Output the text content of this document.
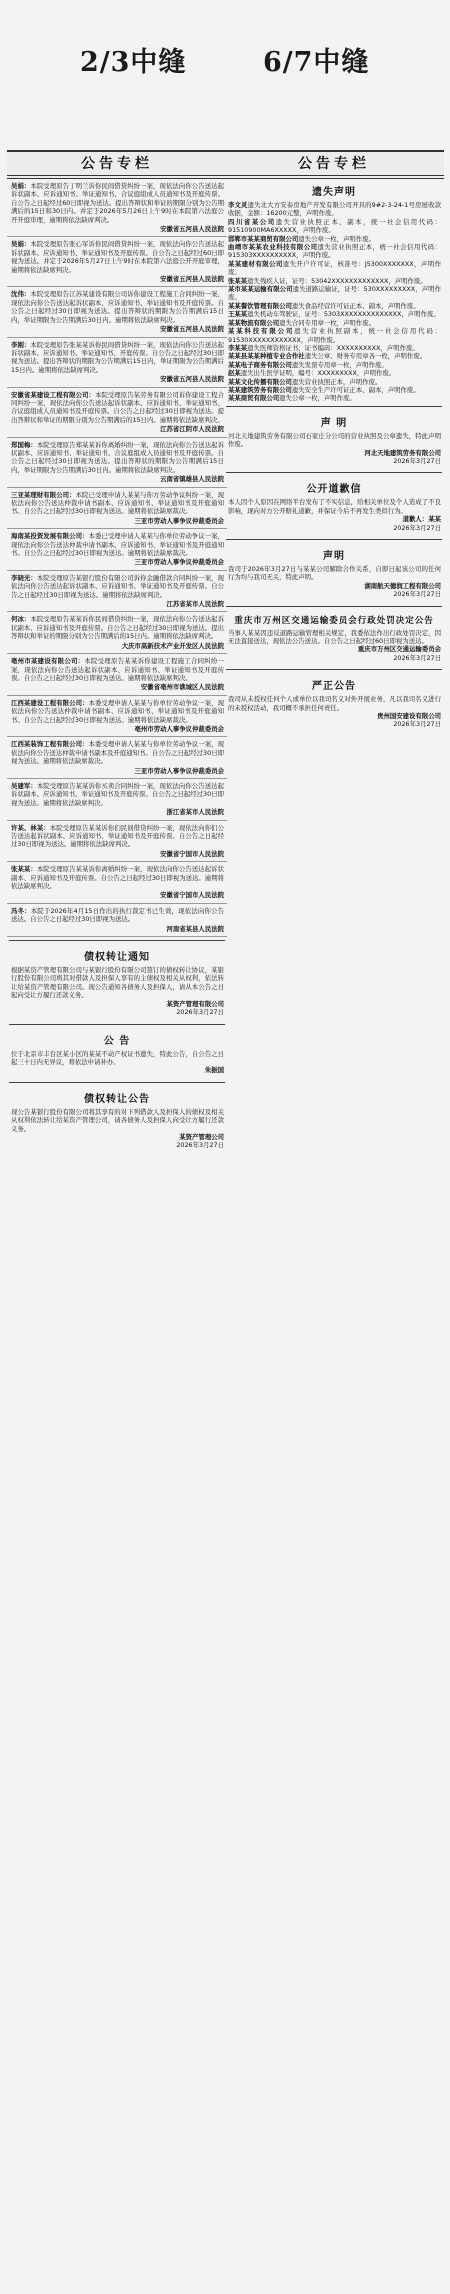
2/3中缝	6/7中缝
公告专栏
吴娟：本院受理原告丁明兰诉你民间借贷纠纷一案，现依法向你公告送达起诉状副本、应诉通知书、举证通知书、合议庭组成人员通知书及开庭传票。自公告之日起经过60日即视为送达。提出答辩状和举证的期限分别为公告期满后的15日和30日内。并定于2026年5月26日上午9时在本院第六法庭公开开庭审理，逾期将依法缺席判决。
安徽省五河县人民法院
吴娟：本院受理原告张心军诉你民间借贷纠纷一案，现依法向你公告送达起诉状副本、应诉通知书、举证通知书及开庭传票。自公告之日起经过60日即视为送达。并定于2026年5月27日上午9时在本院第六法庭公开开庭审理，逾期将依法缺席判决。
安徽省五河县人民法院
沈伟：本院受理原告江苏某建设有限公司诉你建设工程施工合同纠纷一案，现依法向你公告送达起诉状副本、应诉通知书、举证通知书及开庭传票。自公告之日起经过30日即视为送达。提出答辩状的期限为公告期满后15日内，举证期限为公告期满后30日内。逾期将依法缺席判决。
安徽省五河县人民法院
李刚：本院受理原告张某某诉你民间借贷纠纷一案，现依法向你公告送达起诉状副本、应诉通知书、举证通知书、开庭传票。自公告之日起经过30日即视为送达。提出答辩状的期限为公告期满后15日内，举证期限为公告期满后15日内。逾期将依法缺席判决。
安徽省五河县人民法院
安徽省某建设工程有限公司：本院受理原告某劳务有限公司诉你建设工程合同纠纷一案，现依法向你公告送达起诉状副本、应诉通知书、举证通知书、合议庭组成人员通知书及开庭传票。自公告之日起经过30日即视为送达。提出答辩状和举证的期限分别为公告期满后的15日内。逾期将依法缺席判决。
江苏省江阴市人民法院
郑国梅：本院受理原告郑某某诉你离婚纠纷一案，现依法向你公告送达起诉状副本、应诉通知书、举证通知书、合议庭组成人员通知书及开庭传票。自公告之日起经过30日即视为送达。提出答辩状的期限为公告期满后15日内，举证期限为公告期满后30日内。逾期将依法缺席判决。
云南省镇雄县人民法院
三亚某理财有限公司：本院已受理申请人某某与你方劳动争议纠纷一案，现依法向你公告送达仲裁申请书副本、应诉通知书、举证通知书及开庭通知书。自公告之日起经过30日即视为送达。逾期将依法缺席裁决。
三亚市劳动人事争议仲裁委员会
海南某投资发展有限公司：本委已受理申请人某某与你单位劳动争议一案，现依法向你公告送达仲裁申请书副本、应诉通知书、举证通知书及开庭通知书。自公告之日起经过30日即视为送达。逾期将依法缺席裁决。
三亚市劳动人事争议仲裁委员会
李晓光：本院受理原告某银行股份有限公司诉你金融借款合同纠纷一案，现依法向你公告送达起诉状副本、应诉通知书、举证通知书及开庭传票。自公告之日起经过30日即视为送达。逾期将依法缺席判决。
江苏省某市人民法院
何冰：本院受理原告某某诉你民间借贷纠纷一案，现依法向你公告送达起诉状副本、应诉通知书及开庭传票。自公告之日起经过30日即视为送达。提出答辩状和举证的期限分别为公告期满后的15日内。逾期将依法缺席判决。
大庆市高新技术产业开发区人民法院
亳州市某建设有限公司：本院受理原告某某诉你建设工程施工合同纠纷一案，现依法向你公告送达起诉状副本、应诉通知书、举证通知书及开庭传票。自公告之日起经过30日即视为送达。逾期将依法缺席判决。
安徽省亳州市谯城区人民法院
江西某建设工程有限公司：本委受理申请人某某与你单位劳动争议一案，现依法向你公告送达仲裁申请书副本、应诉通知书、举证通知书及开庭通知书。自公告之日起经过30日即视为送达。逾期将依法缺席裁决。
亳州市劳动人事争议仲裁委员会
江西某装饰工程有限公司：本委受理申请人某某与你单位劳动争议一案，现依法向你公告送达仲裁申请书副本及开庭通知书。自公告之日起经过30日即视为送达。逾期将依法缺席裁决。
三亚市劳动人事争议仲裁委员会
吴建军：本院受理原告某某诉你买卖合同纠纷一案，现依法向你公告送达起诉状副本、应诉通知书、举证通知书及开庭传票。自公告之日起经过30日即视为送达。逾期将依法缺席判决。
浙江省某市人民法院
许某、林某：本院受理原告某某诉你们民间借贷纠纷一案，现依法向你们公告送达起诉状副本、应诉通知书、举证通知书及开庭传票。自公告之日起经过30日即视为送达。逾期将依法缺席判决。
安徽省宁国市人民法院
张某某：本院受理原告某某诉你离婚纠纷一案，现依法向你公告送达起诉状副本、应诉通知书及开庭传票。自公告之日起经过30日即视为送达。逾期将依法缺席判决。
安徽省宁国市人民法院
冯冬：本院于2026年4月15日作出的执行裁定书已生效，现依法向你公告送达。自公告之日起经过30日即视为送达。
河南省某县人民法院
债权转让通知
根据某资产管理有限公司与某银行股份有限公司签订的债权转让协议，某银行股份有限公司将其对借款人及担保人享有的主债权及相关从权利，依法转让给某资产管理有限公司。现公告通知各债务人及担保人，请从本公告之日起向受让方履行还款义务。
某资产管理有限公司
2026年3月27日
公 告
位于北京市丰台区某小区的某某不动产权证书遗失，特此公告，自公告之日起三十日内无异议，将依法申请补办。
朱振国
债权转让公告
现公告某银行股份有限公司将其享有的对下列借款人及担保人的债权及相关从权利依法转让给某资产管理公司，请各债务人及担保人向受让方履行还款义务。
某资产管理公司
2026年3月27日
公告专栏
遗失声明
李文灵遗失北大方安泰房地产开发有限公司开具的9#2-3-24-1号房屋收款收据，金额：16200元整，声明作废。
四川省某公司遗失营业执照正本、副本，统一社会信用代码：91510900MA6XXXXX，声明作废。
邯郸市某某商贸有限公司遗失公章一枚，声明作废。
曲靖市某某农业科技有限公司遗失营业执照正本，统一社会信用代码：915303XXXXXXXXXX，声明作废。
某某建材有限公司遗失开户许可证，核准号：J5300XXXXXXX，声明作废。
张某某遗失残疾人证，证号：53042XXXXXXXXXXXXX，声明作废。
某市某某运输有限公司遗失道路运输证，证号：530XXXXXXXXX，声明作废。
某某餐饮管理有限公司遗失食品经营许可证正本、副本，声明作废。
王某某遗失机动车驾驶证，证号：5303XXXXXXXXXXXXXX，声明作废。
某某物流有限公司遗失合同专用章一枚，声明作废。
某某科技有限公司遗失营业执照副本，统一社会信用代码：91530XXXXXXXXXXXX，声明作废。
李某某遗失医师资格证书，证书编码：XXXXXXXXXX，声明作废。
某某县某某种植专业合作社遗失公章、财务专用章各一枚，声明作废。
某某电子商务有限公司遗失发票专用章一枚，声明作废。
赵某遗失出生医学证明，编号：XXXXXXXXX，声明作废。
某某文化传播有限公司遗失营业执照正本，声明作废。
某某建筑劳务有限公司遗失安全生产许可证正本、副本，声明作废。
某某商贸有限公司遗失公章一枚，声明作废。
声 明
河北天地建筑劳务有限公司石家庄分公司的营业执照及公章遗失，特此声明作废。
河北天地建筑劳务有限公司
2026年3月27日
公开道歉信
本人因个人原因在网络平台发布了不实信息，给相关单位及个人造成了不良影响，现向对方公开赔礼道歉，并保证今后不再发生类似行为。
道歉人：某某
2026年3月27日
声明
我司于2026年3月27日与某某公司解除合作关系，自即日起该公司的任何行为均与我司无关，特此声明。
湖南航天德润工程有限公司
2026年3月27日
重庆市万州区交通运输委员会行政处罚决定公告
当事人某某因违反道路运输管理相关规定，我委依法作出行政处罚决定，因无法直接送达，现依法公告送达。自公告之日起经过60日即视为送达。
重庆市万州区交通运输委员会
2026年3月27日
严正公告
我司从未授权任何个人或单位以我司名义对外开展业务，凡以我司名义进行的未授权活动，我司概不承担任何责任。
贵州国安建设有限公司
2026年3月27日
